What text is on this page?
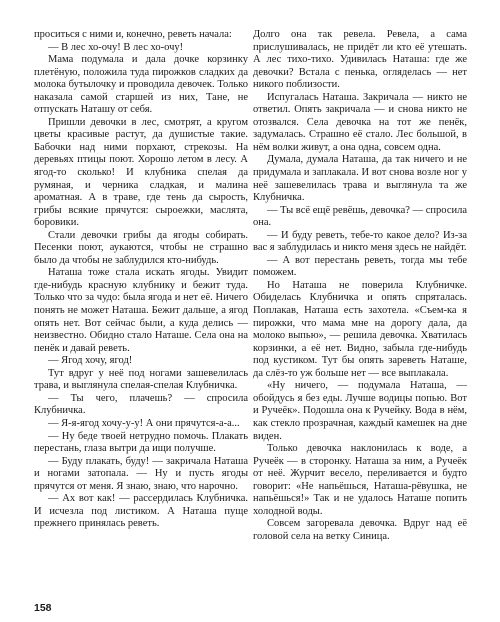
проситься с ними и, конечно, реветь начала:

— В лес хо-очу! В лес хо-очу!

Мама подумала и дала дочке корзинку плетёную, положила туда пирожков сладких да молока бутылочку и проводила девочек. Только наказала самой старшей из них, Тане, не отпускать Наташу от себя.

Пришли девочки в лес, смотрят, а кругом цветы красивые растут, да душистые такие. Бабочки над ними порхают, стрекозы. На деревьях птицы поют. Хорошо летом в лесу. А ягод-то сколько! И клубника спелая да румяная, и черника сладкая, и малина ароматная. А в траве, где тень да сырость, грибы всякие прячутся: сыроежки, маслята, боровики.

Стали девочки грибы да ягоды собирать. Песенки поют, аукаются, чтобы не страшно было да чтобы не заблудился кто-нибудь.

Наташа тоже стала искать ягоды. Увидит где-нибудь красную клубнику и бежит туда. Только что за чудо: была ягода и нет её. Ничего понять не может Наташа. Бежит дальше, а ягод опять нет. Вот сейчас были, а куда делись — неизвестно. Обидно стало Наташе. Села она на пенёк и давай реветь.

— Ягод хочу, ягод!

Тут вдруг у неё под ногами зашевелилась трава, и выглянула спелая-спелая Клубничка.

— Ты чего, плачешь? — спросила Клубничка.

— Я-я-ягод хочу-у-у! А они прячутся-а-а...

— Ну беде твоей нетрудно помочь. Плакать перестань, глаза вытри да ищи получше.

— Буду плакать, буду! — закричала Наташа и ногами затопала. — Ну и пусть ягоды прячутся от меня. Я знаю, знаю, что нарочно.

— Ах вот как! — рассердилась Клубничка. И исчезла под листиком. А Наташа пуще прежнего принялась реветь.

Долго она так ревела. Ревела, а сама прислушивалась, не придёт ли кто её утешать. А лес тихо-тихо. Удивилась Наташа: где же девочки? Встала с пенька, огляделась — нет никого поблизости.

Испугалась Наташа. Закричала — никто не ответил. Опять закричала — и снова никто не отозвался. Села девочка на тот же пенёк, задумалась. Страшно её стало. Лес большой, в нём волки живут, а она одна, совсем одна.

Думала, думала Наташа, да так ничего и не придумала и заплакала. И вот снова возле ног у неё зашевелилась трава и выглянула та же Клубничка.

— Ты всё ещё ревёшь, девочка? — спросила она.

— И буду реветь, тебе-то какое дело? Из-за вас я заблудилась и никто меня здесь не найдёт.

— А вот перестань реветь, тогда мы тебе поможем.

Но Наташа не поверила Клубничке. Обиделась Клубничка и опять спряталась. Поплакав, Наташа есть захотела. «Съем-ка я пирожки, что мама мне на дорогу дала, да молоко выпью», — решила девочка. Хватилась корзинки, а её нет. Видно, забыла где-нибудь под кустиком. Тут бы опять зареветь Наташе, да слёз-то уж больше нет — все выплакала.

«Ну ничего, — подумала Наташа, — обойдусь я без еды. Лучше водицы попью. Вот и Ручеёк». Подошла она к Ручейку. Вода в нём, как стекло прозрачная, каждый камешек на дне виден.

Только девочка наклонилась к воде, а Ручеёк — в сторонку. Наташа за ним, а Ручеёк от неё. Журчит весело, переливается и будто говорит: «Не напьёшься, Наташа-рёвушка, не напьёшься!» Так и не удалось Наташе попить холодной воды.

Совсем загоревала девочка. Вдруг над её головой села на ветку Синица.

158
